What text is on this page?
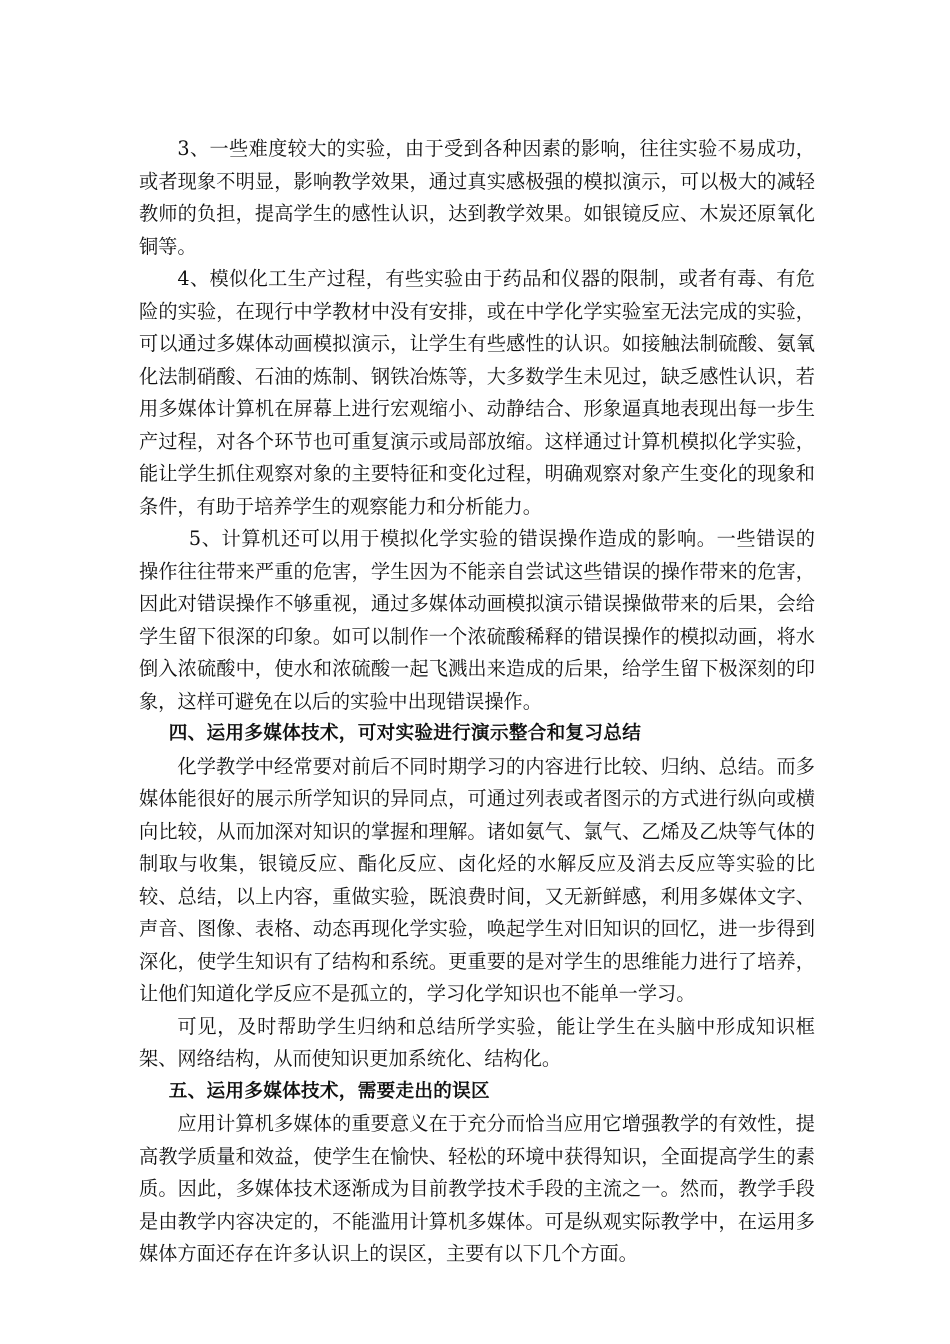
3、一些难度较大的实验，由于受到各种因素的影响，往往实验不易成功，或者现象不明显，影响教学效果，通过真实感极强的模拟演示，可以极大的减轻教师的负担，提高学生的感性认识，达到教学效果。如银镜反应、木炭还原氧化铜等。

4、模似化工生产过程，有些实验由于药品和仪器的限制，或者有毒、有危险的实验，在现行中学教材中没有安排，或在中学化学实验室无法完成的实验，可以通过多媒体动画模拟演示，让学生有些感性的认识。如接触法制硫酸、氨氧化法制硝酸、石油的炼制、钢铁冶炼等，大多数学生未见过，缺乏感性认识，若用多媒体计算机在屏幕上进行宏观缩小、动静结合、形象逼真地表现出每一步生产过程，对各个环节也可重复演示或局部放缩。这样通过计算机模拟化学实验，能让学生抓住观察对象的主要特征和变化过程，明确观察对象产生变化的现象和条件，有助于培养学生的观察能力和分析能力。

5、计算机还可以用于模拟化学实验的错误操作造成的影响。一些错误的操作往往带来严重的危害，学生因为不能亲自尝试这些错误的操作带来的危害，因此对错误操作不够重视，通过多媒体动画模拟演示错误操做带来的后果，会给学生留下很深的印象。如可以制作一个浓硫酸稀释的错误操作的模拟动画，将水倒入浓硫酸中，使水和浓硫酸一起飞溅出来造成的后果，给学生留下极深刻的印象，这样可避免在以后的实验中出现错误操作。

四、运用多媒体技术，可对实验进行演示整合和复习总结

化学教学中经常要对前后不同时期学习的内容进行比较、归纳、总结。而多媒体能很好的展示所学知识的异同点，可通过列表或者图示的方式进行纵向或横向比较，从而加深对知识的掌握和理解。诸如氨气、氯气、乙烯及乙炔等气体的制取与收集，银镜反应、酯化反应、卤化烃的水解反应及消去反应等实验的比较、总结，以上内容，重做实验，既浪费时间，又无新鲜感，利用多媒体文字、声音、图像、表格、动态再现化学实验，唤起学生对旧知识的回忆，进一步得到深化，使学生知识有了结构和系统。更重要的是对学生的思维能力进行了培养，让他们知道化学反应不是孤立的，学习化学知识也不能单一学习。

可见，及时帮助学生归纳和总结所学实验，能让学生在头脑中形成知识框架、网络结构，从而使知识更加系统化、结构化。

五、运用多媒体技术，需要走出的误区

应用计算机多媒体的重要意义在于充分而恰当应用它增强教学的有效性，提高教学质量和效益，使学生在愉快、轻松的环境中获得知识，全面提高学生的素质。因此，多媒体技术逐渐成为目前教学技术手段的主流之一。然而，教学手段是由教学内容决定的，不能滥用计算机多媒体。可是纵观实际教学中，在运用多媒体方面还存在许多认识上的误区，主要有以下几个方面。
